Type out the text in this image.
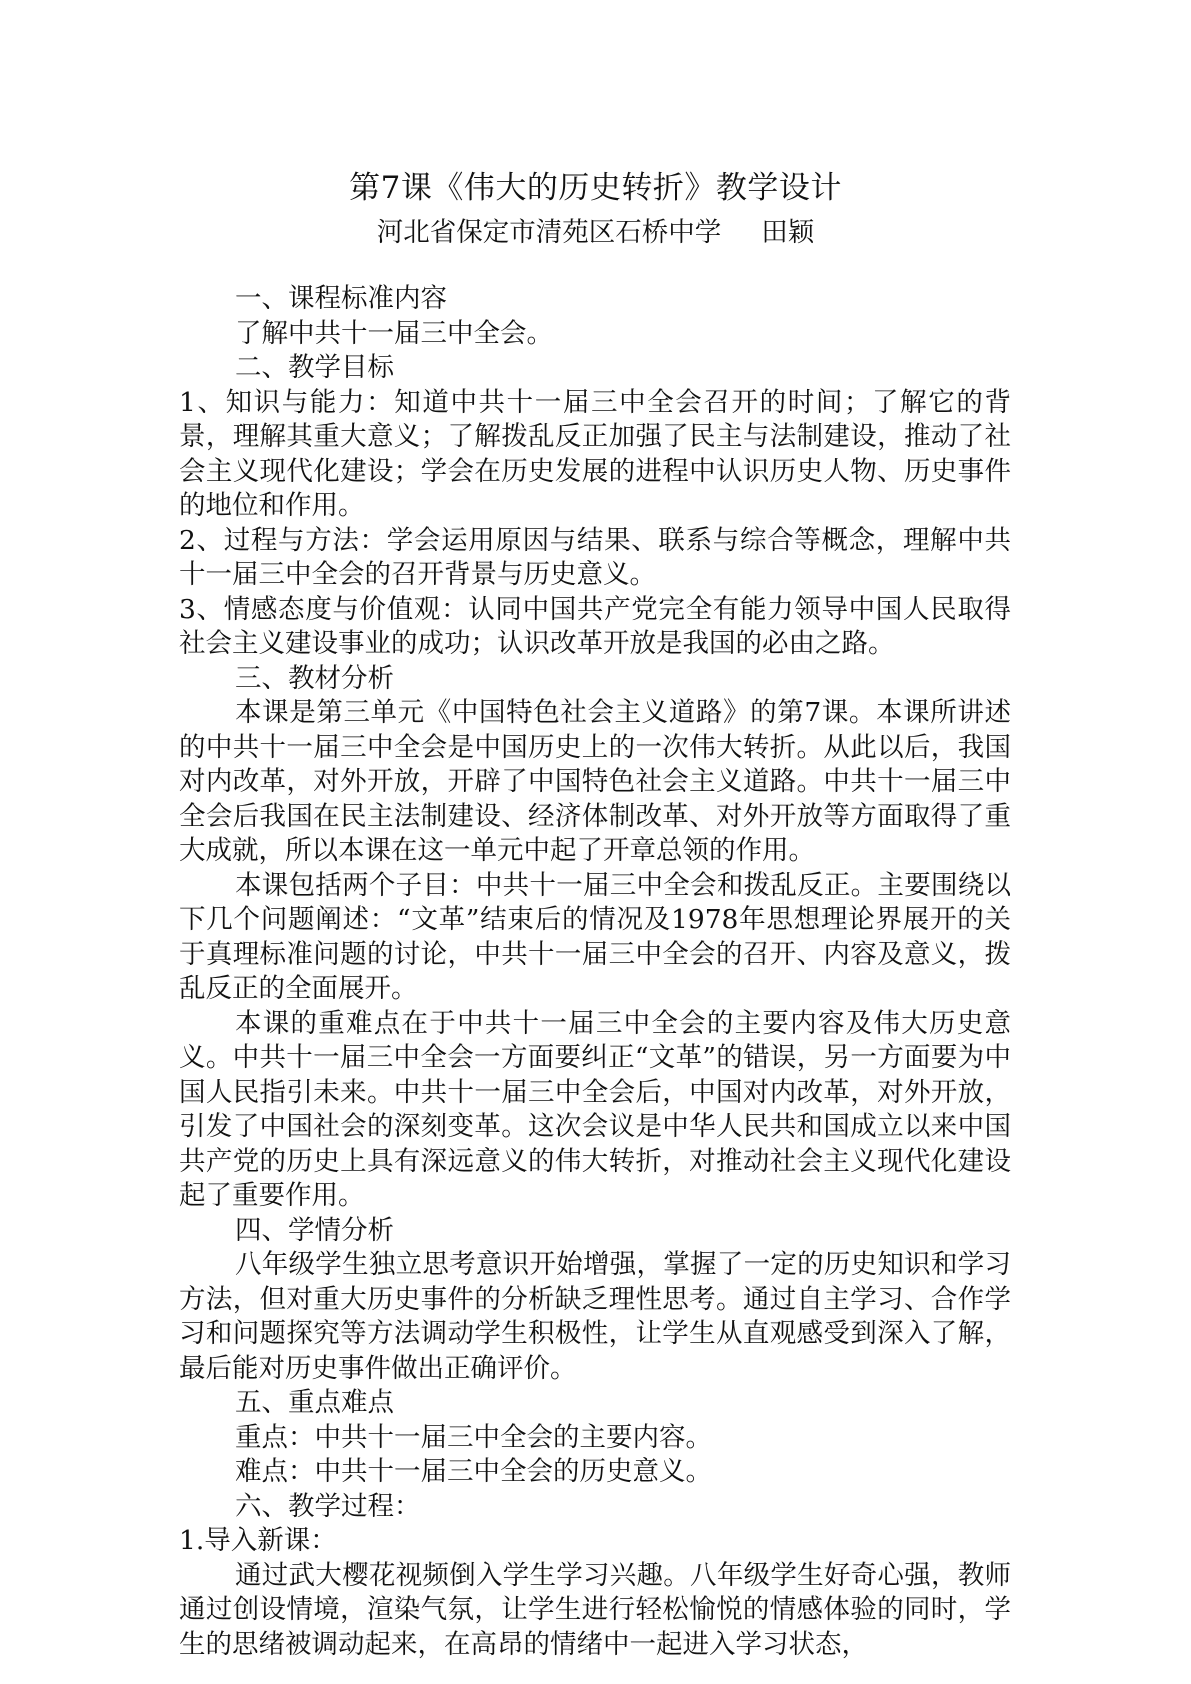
第7课《伟大的历史转折》教学设计
河北省保定市清苑区石桥中学 田颖

一、课程标准内容

了解中共十一届三中全会。

二、教学目标

1、知识与能力：知道中共十一届三中全会召开的时间；了解它的背景，理解其重大意义；了解拨乱反正加强了民主与法制建设，推动了社会主义现代化建设；学会在历史发展的进程中认识历史人物、历史事件的地位和作用。

2、过程与方法：学会运用原因与结果、联系与综合等概念，理解中共十一届三中全会的召开背景与历史意义。

3、情感态度与价值观：认同中国共产党完全有能力领导中国人民取得社会主义建设事业的成功；认识改革开放是我国的必由之路。

三、教材分析

本课是第三单元《中国特色社会主义道路》的第7课。本课所讲述的中共十一届三中全会是中国历史上的一次伟大转折。从此以后，我国对内改革，对外开放，开辟了中国特色社会主义道路。中共十一届三中全会后我国在民主法制建设、经济体制改革、对外开放等方面取得了重大成就，所以本课在这一单元中起了开章总领的作用。

本课包括两个子目：中共十一届三中全会和拨乱反正。主要围绕以下几个问题阐述：“文革”结束后的情况及1978年思想理论界展开的关于真理标准问题的讨论，中共十一届三中全会的召开、内容及意义，拨乱反正的全面展开。

本课的重难点在于中共十一届三中全会的主要内容及伟大历史意义。中共十一届三中全会一方面要纠正“文革”的错误，另一方面要为中国人民指引未来。中共十一届三中全会后，中国对内改革，对外开放，引发了中国社会的深刻变革。这次会议是中华人民共和国成立以来中国共产党的历史上具有深远意义的伟大转折，对推动社会主义现代化建设起了重要作用。

四、学情分析

八年级学生独立思考意识开始增强，掌握了一定的历史知识和学习方法，但对重大历史事件的分析缺乏理性思考。通过自主学习、合作学习和问题探究等方法调动学生积极性，让学生从直观感受到深入了解，最后能对历史事件做出正确评价。

五、重点难点

重点：中共十一届三中全会的主要内容。

难点：中共十一届三中全会的历史意义。

六、教学过程：

1.导入新课：

通过武大樱花视频倒入学生学习兴趣。八年级学生好奇心强，教师通过创设情境，渲染气氛，让学生进行轻松愉悦的情感体验的同时，学生的思绪被调动起来，在高昂的情绪中一起进入学习状态，
